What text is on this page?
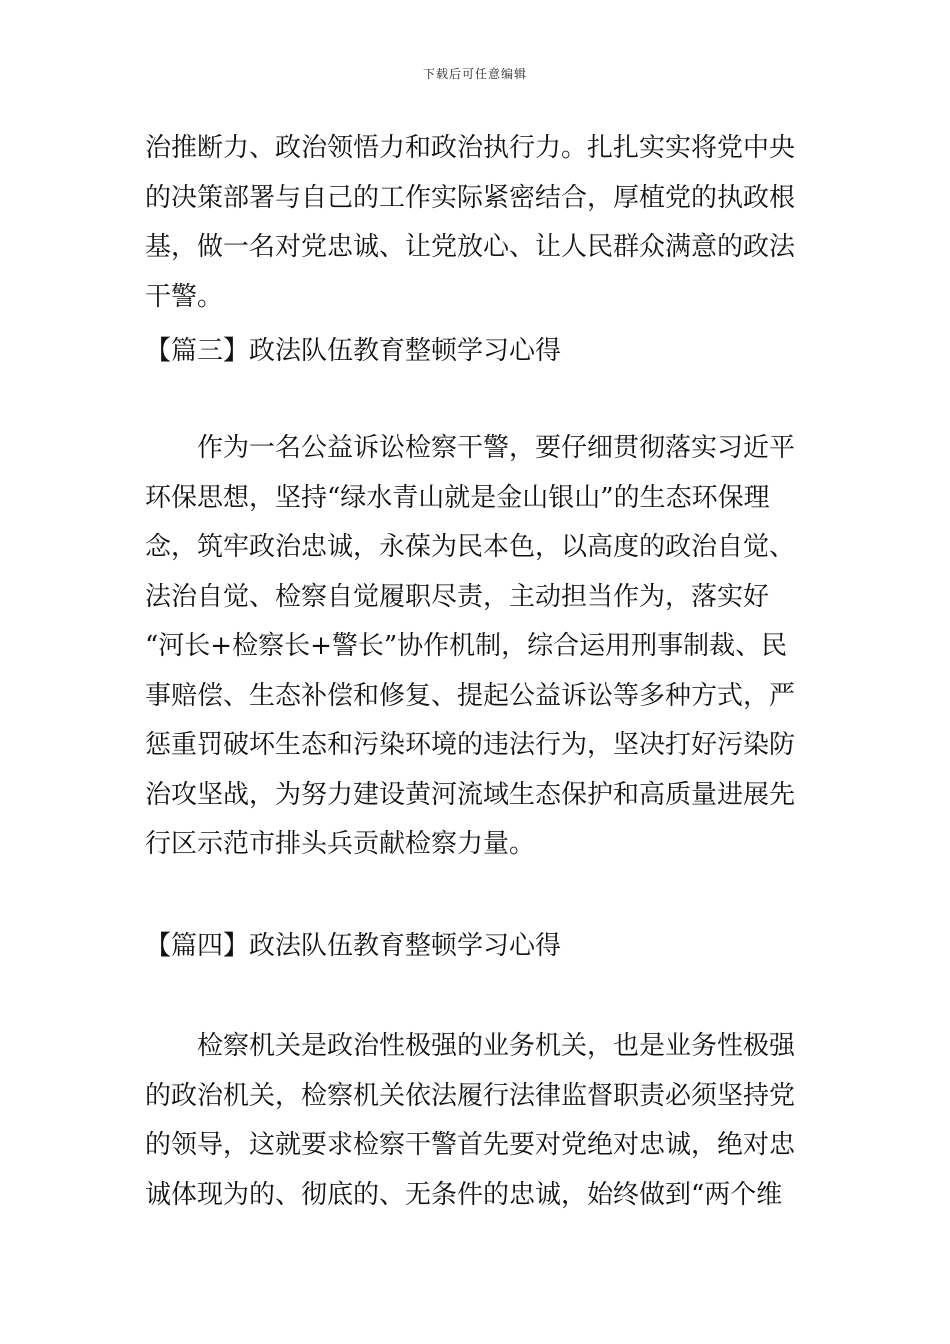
下载后可任意编辑
治推断力、政治领悟力和政治执行力。扎扎实实将党中央
的决策部署与自己的工作实际紧密结合，厚植党的执政根
基，做一名对党忠诚、让党放心、让人民群众满意的政法
干警。
【篇三】政法队伍教育整顿学习心得
　　作为一名公益诉讼检察干警，要仔细贯彻落实习近平
环保思想，坚持“绿水青山就是金山银山”的生态环保理
念，筑牢政治忠诚，永葆为民本色，以高度的政治自觉、
法治自觉、检察自觉履职尽责，主动担当作为，落实好
“河长+检察长+警长”协作机制，综合运用刑事制裁、民
事赔偿、生态补偿和修复、提起公益诉讼等多种方式，严
惩重罚破坏生态和污染环境的违法行为，坚决打好污染防
治攻坚战，为努力建设黄河流域生态保护和高质量进展先
行区示范市排头兵贡献检察力量。
【篇四】政法队伍教育整顿学习心得
　　检察机关是政治性极强的业务机关，也是业务性极强
的政治机关，检察机关依法履行法律监督职责必须坚持党
的领导，这就要求检察干警首先要对党绝对忠诚，绝对忠
诚体现为的、彻底的、无条件的忠诚，始终做到“两个维
